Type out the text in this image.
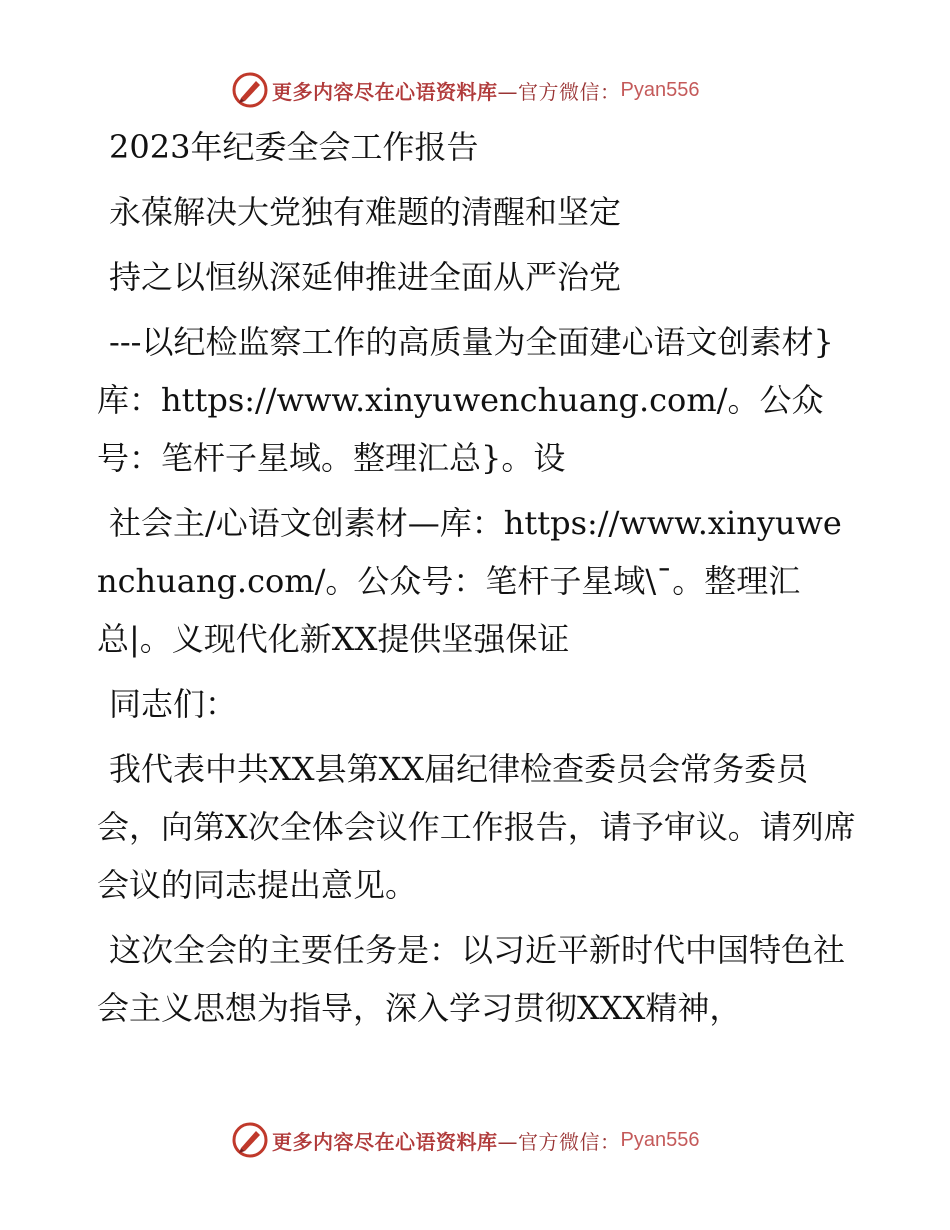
更多内容尽在心语资料库 —官方微信： Pyan556

2023年纪委全会工作报告

永葆解决大党独有难题的清醒和坚定

持之以恒纵深延伸推进全面从严治党

---以纪检监察工作的高质量为全面建心语文创素材}库：https://www.xinyuwenchuang.com/。公众号：笔杆子星域。整理汇总}。设

社会主/心语文创素材—库：https://www.xinyuwenchuang.com/。公众号：笔杆子星域\¯。整理汇总|。义现代化新XX提供坚强保证

同志们：

我代表中共XX县第XX届纪律检查委员会常务委员会，向第X次全体会议作工作报告，请予审议。请列席会议的同志提出意见。

这次全会的主要任务是：以习近平新时代中国特色社会主义思想为指导，深入学习贯彻XXX精神，

更多内容尽在心语资料库 —官方微信： Pyan556
